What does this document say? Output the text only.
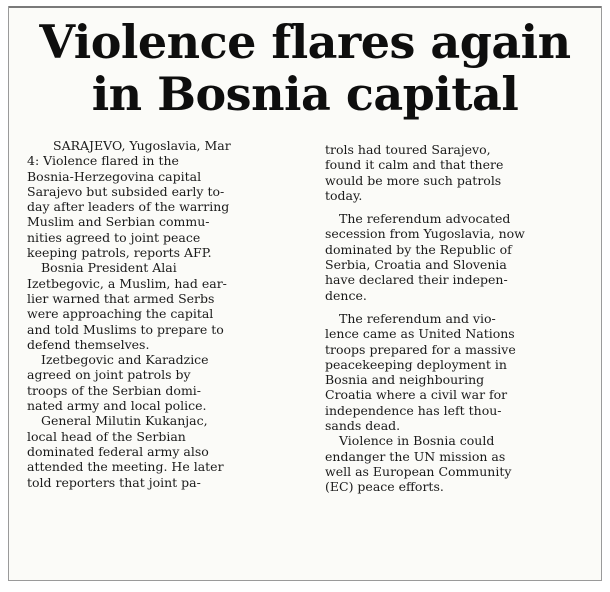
Violence flares again
in Bosnia capital
SARAJEVO, Yugoslavia, Mar
4: Violence flared in the
Bosnia-Herzegovina capital
Sarajevo but subsided early to-
day after leaders of the warring
Muslim and Serbian commu-
nities agreed to joint peace
keeping patrols, reports AFP.
Bosnia President Alai
Izetbegovic, a Muslim, had ear-
lier warned that armed Serbs
were approaching the capital
and told Muslims to prepare to
defend themselves.
Izetbegovic and Karadzice
agreed on joint patrols by
troops of the Serbian domi-
nated army and local police.
General Milutin Kukanjac,
local head of the Serbian
dominated federal army also
attended the meeting. He later
told reporters that joint pa-
trols had toured Sarajevo,
found it calm and that there
would be more such patrols
today.
The referendum advocated
secession from Yugoslavia, now
dominated by the Republic of
Serbia, Croatia and Slovenia
have declared their indepen-
dence.
The referendum and vio-
lence came as United Nations
troops prepared for a massive
peacekeeping deployment in
Bosnia and neighbouring
Croatia where a civil war for
independence has left thou-
sands dead.
Violence in Bosnia could
endanger the UN mission as
well as European Community
(EC) peace efforts.
